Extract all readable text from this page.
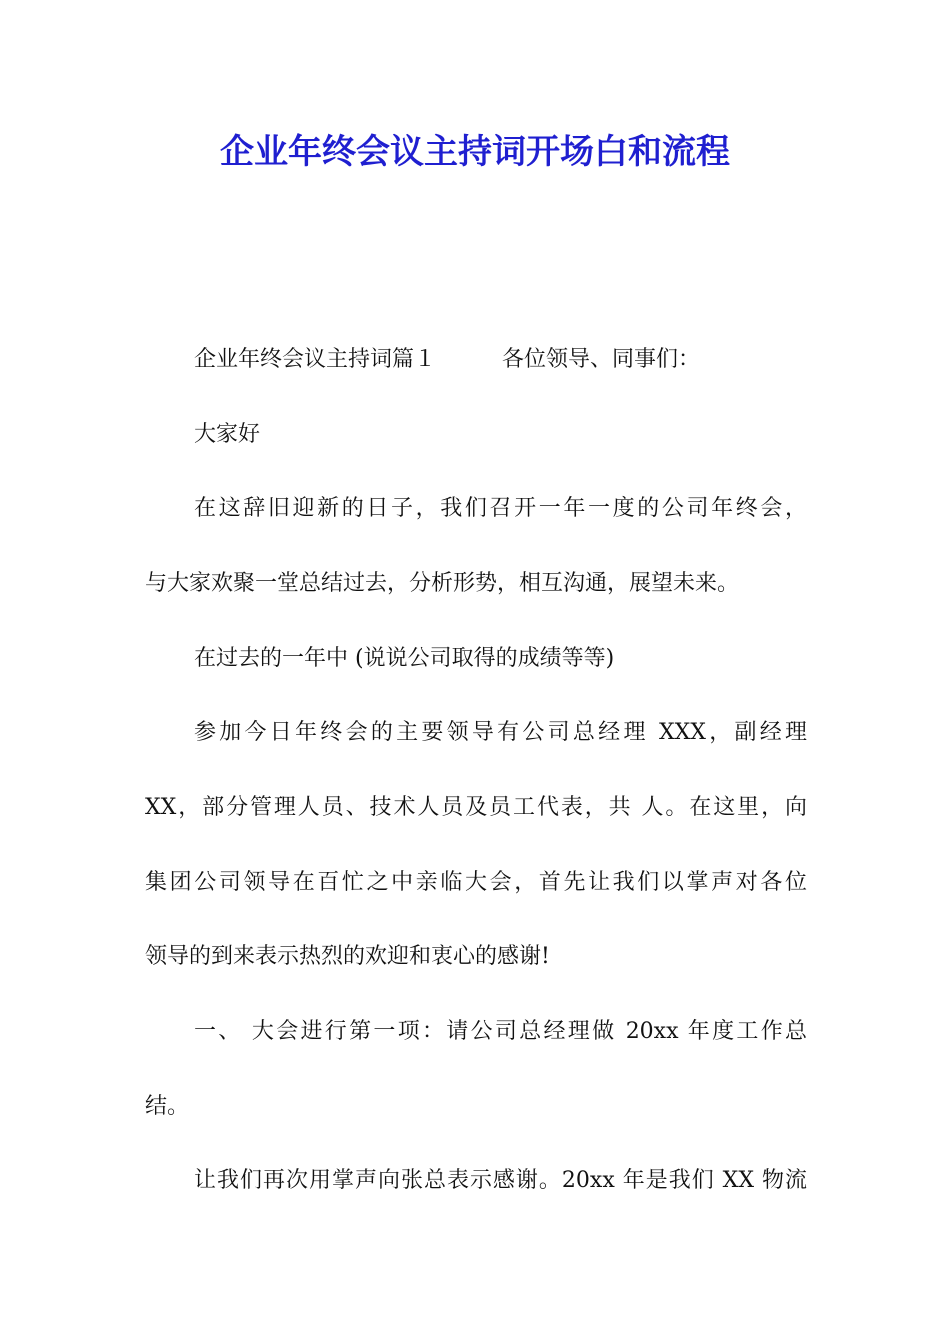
企业年终会议主持词开场白和流程
企业年终会议主持词篇１　　　各位领导、同事们：
大家好
在这辞旧迎新的日子，我们召开一年一度的公司年终会，
与大家欢聚一堂总结过去，分析形势，相互沟通，展望未来。
在过去的一年中 (说说公司取得的成绩等等)
参加今日年终会的主要领导有公司总经理 XXX，副经理
XX，部分管理人员、技术人员及员工代表，共 人。在这里，向
集团公司领导在百忙之中亲临大会，首先让我们以掌声对各位
领导的到来表示热烈的欢迎和衷心的感谢!
一、 大会进行第一项：请公司总经理做 20xx 年度工作总
结。
让我们再次用掌声向张总表示感谢。20xx 年是我们 XX 物流
